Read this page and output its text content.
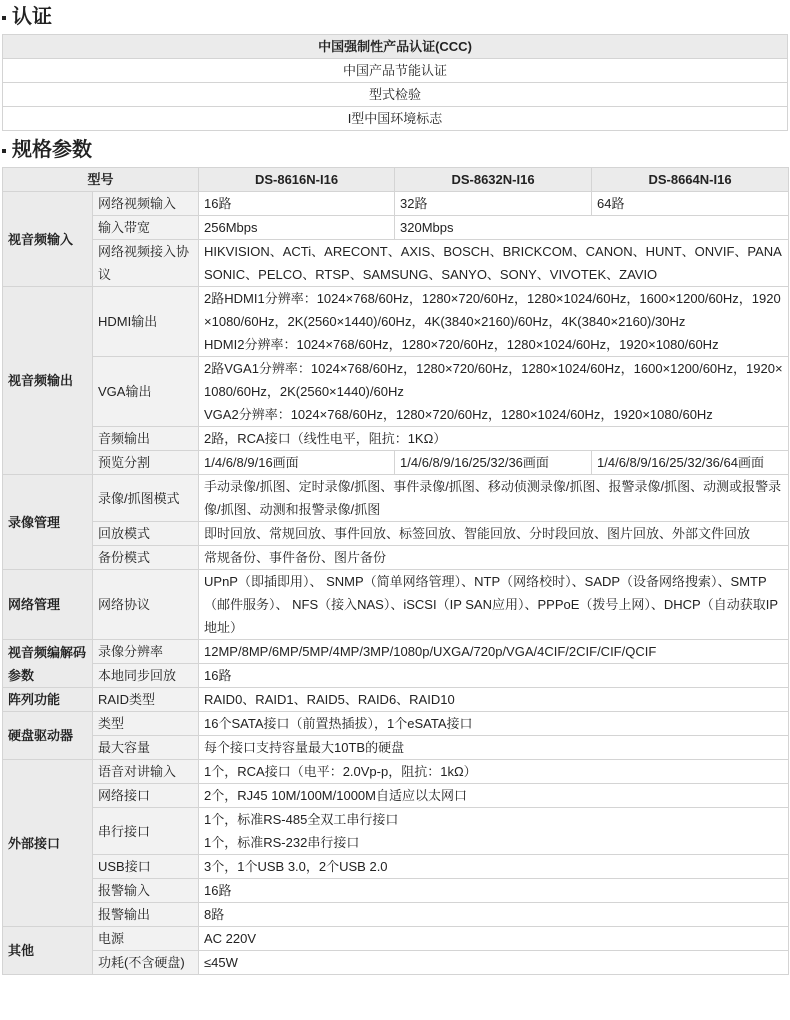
认证
中国强制性产品认证(CCC)
中国产品节能认证
型式检验
I型中国环境标志
规格参数
型号		DS-8616N-I16	DS-8632N-I16	DS-8664N-I16
视音频输入	网络视频输入	16路	32路	64路
	输入带宽	256Mbps	320Mbps	
	网络视频接入协议	HIKVISION、ACTi、ARECONT、AXIS、BOSCH、BRICKCOM、CANON、HUNT、ONVIF、PANASONIC、PELCO、RTSP、SAMSUNG、SANYO、SONY、VIVOTEK、ZAVIO		
视音频输出	HDMI输出	2路HDMI1分辨率：1024×768/60Hz，1280×720/60Hz，1280×1024/60Hz，1600×1200/60Hz，1920×1080/60Hz，2K(2560×1440)/60Hz，4K(3840×2160)/60Hz，4K(3840×2160)/30Hz
HDMI2分辨率：1024×768/60Hz，1280×720/60Hz，1280×1024/60Hz，1920×1080/60Hz		
	VGA输出	2路VGA1分辨率：1024×768/60Hz，1280×720/60Hz，1280×1024/60Hz，1600×1200/60Hz，1920×1080/60Hz，2K(2560×1440)/60Hz
VGA2分辨率：1024×768/60Hz，1280×720/60Hz，1280×1024/60Hz，1920×1080/60Hz		
	音频输出	2路，RCA接口（线性电平，阻抗：1KΩ）		
	预览分割	1/4/6/8/9/16画面	1/4/6/8/9/16/25/32/36画面	1/4/6/8/9/16/25/32/36/64画面
录像管理	录像/抓图模式	手动录像/抓图、定时录像/抓图、事件录像/抓图、移动侦测录像/抓图、报警录像/抓图、动测或报警录像/抓图、动测和报警录像/抓图		
	回放模式	即时回放、常规回放、事件回放、标签回放、智能回放、分时段回放、图片回放、外部文件回放		
	备份模式	常规备份、事件备份、图片备份		
网络管理	网络协议	UPnP（即插即用）、 SNMP（简单网络管理）、NTP（网络校时）、SADP（设备网络搜索）、SMTP（邮件服务）、 NFS（接入NAS）、iSCSI（IP SAN应用）、PPPoE（拨号上网）、DHCP（自动获取IP地址）		
视音频编解码参数	录像分辨率	12MP/8MP/6MP/5MP/4MP/3MP/1080p/UXGA/720p/VGA/4CIF/2CIF/CIF/QCIF		
	本地同步回放	16路		
阵列功能	RAID类型	RAID0、RAID1、RAID5、RAID6、RAID10		
硬盘驱动器	类型	16个SATA接口（前置热插拔），1个eSATA接口		
	最大容量	每个接口支持容量最大10TB的硬盘		
外部接口	语音对讲输入	1个，RCA接口（电平：2.0Vp-p，阻抗：1kΩ）		
	网络接口	2个，RJ45 10M/100M/1000M自适应以太网口		
	串行接口	1个，标准RS-485全双工串行接口
1个，标准RS-232串行接口		
	USB接口	3个，1个USB 3.0，2个USB 2.0		
	报警输入	16路		
	报警输出	8路		
其他	电源	AC 220V		
	功耗(不含硬盘)	≤45W		
